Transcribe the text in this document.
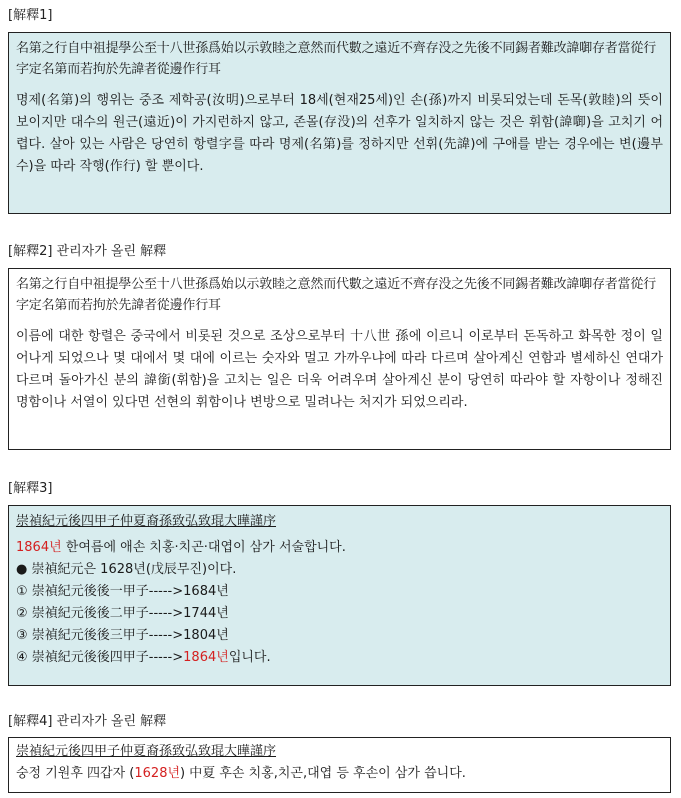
[解釋1]
名第之行自中祖提學公至十八世孫爲始以示敦睦之意然而代數之遠近不齊存没之先後不同錫者難改諱啣存者當從行字定名第而若拘於先諱者從邊作行耳
명제(名第)의 행위는 중조 제학공(汝明)으로부터 18세(현재25세)인 손(孫)까지 비롯되었는데 돈목(敦睦)의 뜻이 보이지만 대수의 원근(遠近)이 가지런하지 않고, 존몰(存没)의 선후가 일치하지 않는 것은 휘함(諱啣)을 고치기 어렵다. 살아 있는 사람은 당연히 항렬字를 따라 명제(名第)를 정하지만 선휘(先諱)에 구애를 받는 경우에는 변(邊부수)을 따라 작행(作行) 할 뿐이다.
[解釋2] 관리자가 올린 解釋
名第之行自中祖提學公至十八世孫爲始以示敦睦之意然而代數之遠近不齊存没之先後不同錫者難改諱啣存者當從行字定名第而若拘於先諱者從邊作行耳
이름에 대한 항렬은 중국에서 비롯된 것으로 조상으로부터 十八世 孫에 이르니 이로부터 돈독하고 화목한 정이 일어나게 되었으나 몇 대에서 몇 대에 이르는 숫자와 멀고 가까우냐에 따라 다르며 살아계신 연함과 별세하신 연대가 다르며 돌아가신 분의 諱銜(휘함)을 고치는 일은 더욱 어려우며 살아계신 분이 당연히 따라야 할 자항이나 정해진 명함이나 서열이 있다면 선현의 휘함이나 변방으로 밀려나는 처지가 되었으리라.
[解釋3]
崇禎紀元後四甲子仲夏裔孫致弘致琨大曄謹序
1864년 한여름에 애손 치홍·치곤·대엽이 삼가 서술합니다.
● 崇禎紀元은 1628년(戊辰무진)이다.
① 崇禎紀元後後一甲子----->1684년
② 崇禎紀元後後二甲子----->1744년
③ 崇禎紀元後後三甲子----->1804년
④ 崇禎紀元後後四甲子----->1864년입니다.
[解釋4] 관리자가 올린 解釋
崇禎紀元後四甲子仲夏裔孫致弘致琨大曄謹序
숭정 기원후 四갑자 (1628년) 中夏 후손 치홍,치곤,대엽 등 후손이 삼가 씁니다.
